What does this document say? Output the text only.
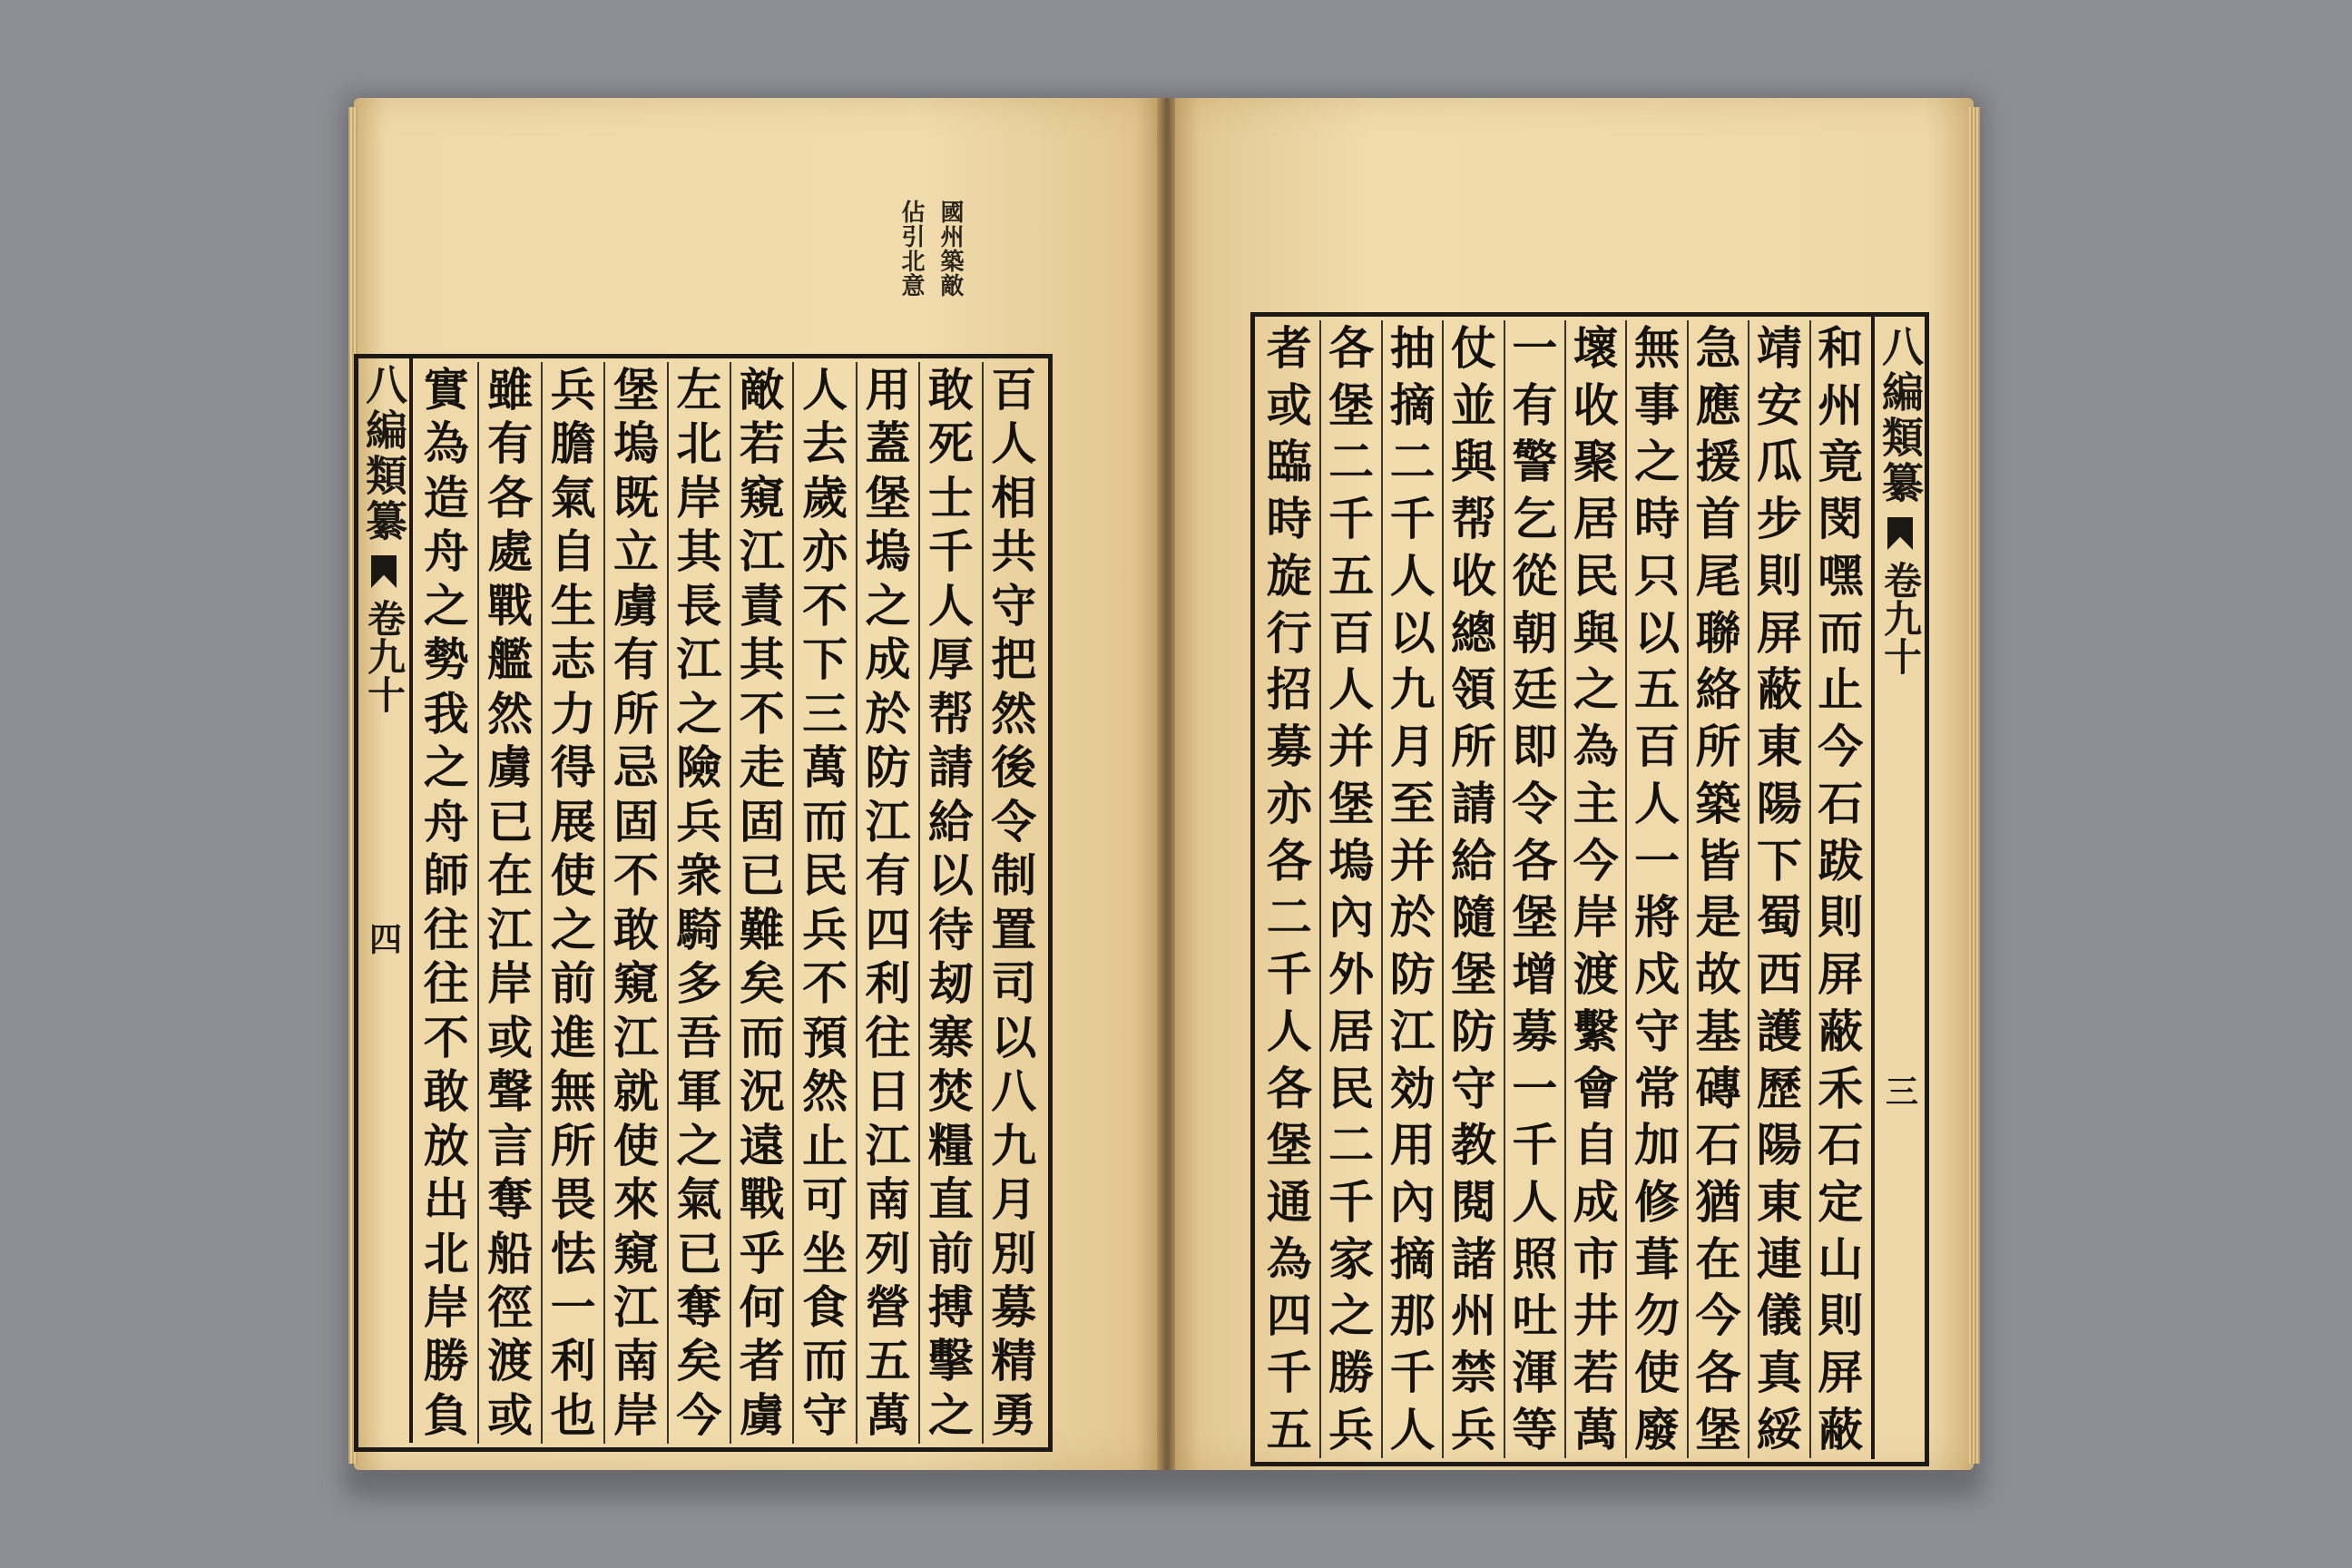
國州築敵
佔引北意
八編類纂
卷九十
四
百
人
相
共
守
把
然
後
令
制
置
司
以
八
九
月
別
募
精
勇
敢
死
士
千
人
厚
帮
請
給
以
待
刼
寨
焚
糧
直
前
搏
擊
之
用
蓋
堡
塢
之
成
於
防
江
有
四
利
往
日
江
南
列
營
五
萬
人
去
歲
亦
不
下
三
萬
而
民
兵
不
預
然
止
可
坐
食
而
守
敵
若
窺
江
責
其
不
走
固
已
難
矣
而
況
遠
戰
乎
何
者
虜
左
北
岸
其
長
江
之
險
兵
衆
騎
多
吾
軍
之
氣
已
奪
矣
今
堡
塢
既
立
虜
有
所
忌
固
不
敢
窺
江
就
使
來
窺
江
南
岸
兵
膽
氣
自
生
志
力
得
展
使
之
前
進
無
所
畏
怯
一
利
也
雖
有
各
處
戰
艦
然
虜
已
在
江
岸
或
聲
言
奪
船
徑
渡
或
實
為
造
舟
之
勢
我
之
舟
師
往
往
不
敢
放
出
北
岸
勝
負
和
州
竟
閔
嘿
而
止
今
石
跋
則
屏
蔽
禾
石
定
山
則
屏
蔽
靖
安
瓜
步
則
屏
蔽
東
陽
下
蜀
西
護
歷
陽
東
連
儀
真
綏
急
應
援
首
尾
聯
絡
所
築
皆
是
故
基
磚
石
猶
在
今
各
堡
無
事
之
時
只
以
五
百
人
一
將
戍
守
常
加
修
葺
勿
使
廢
壞
收
聚
居
民
與
之
為
主
今
岸
渡
繫
會
自
成
市
井
若
萬
一
有
警
乞
從
朝
廷
即
令
各
堡
增
募
一
千
人
照
吐
渾
等
仗
並
與
帮
收
總
領
所
請
給
隨
堡
防
守
教
閱
諸
州
禁
兵
抽
摘
二
千
人
以
九
月
至
并
於
防
江
効
用
內
摘
那
千
人
各
堡
二
千
五
百
人
并
堡
塢
內
外
居
民
二
千
家
之
勝
兵
者
或
臨
時
旋
行
招
募
亦
各
二
千
人
各
堡
通
為
四
千
五
八編類纂
卷九十
三
